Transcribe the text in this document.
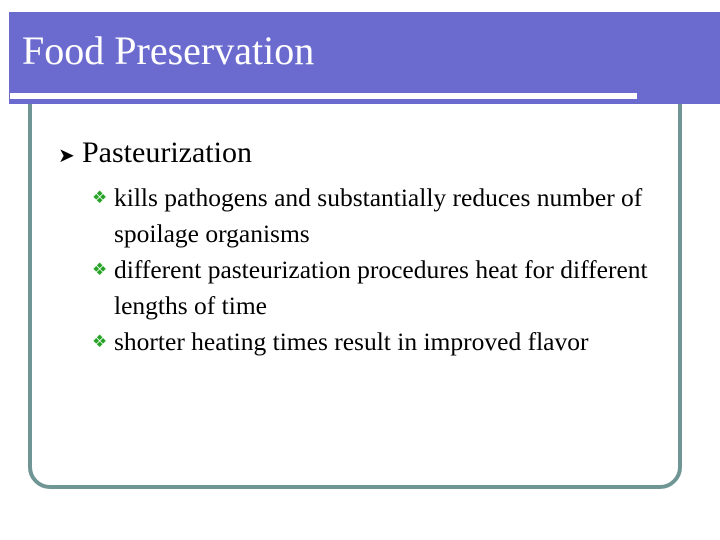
Food Preservation
➤ Pasteurization
❖ kills pathogens and substantially reduces number of spoilage organisms
❖ different pasteurization procedures heat for different lengths of time
❖ shorter heating times result in improved flavor
